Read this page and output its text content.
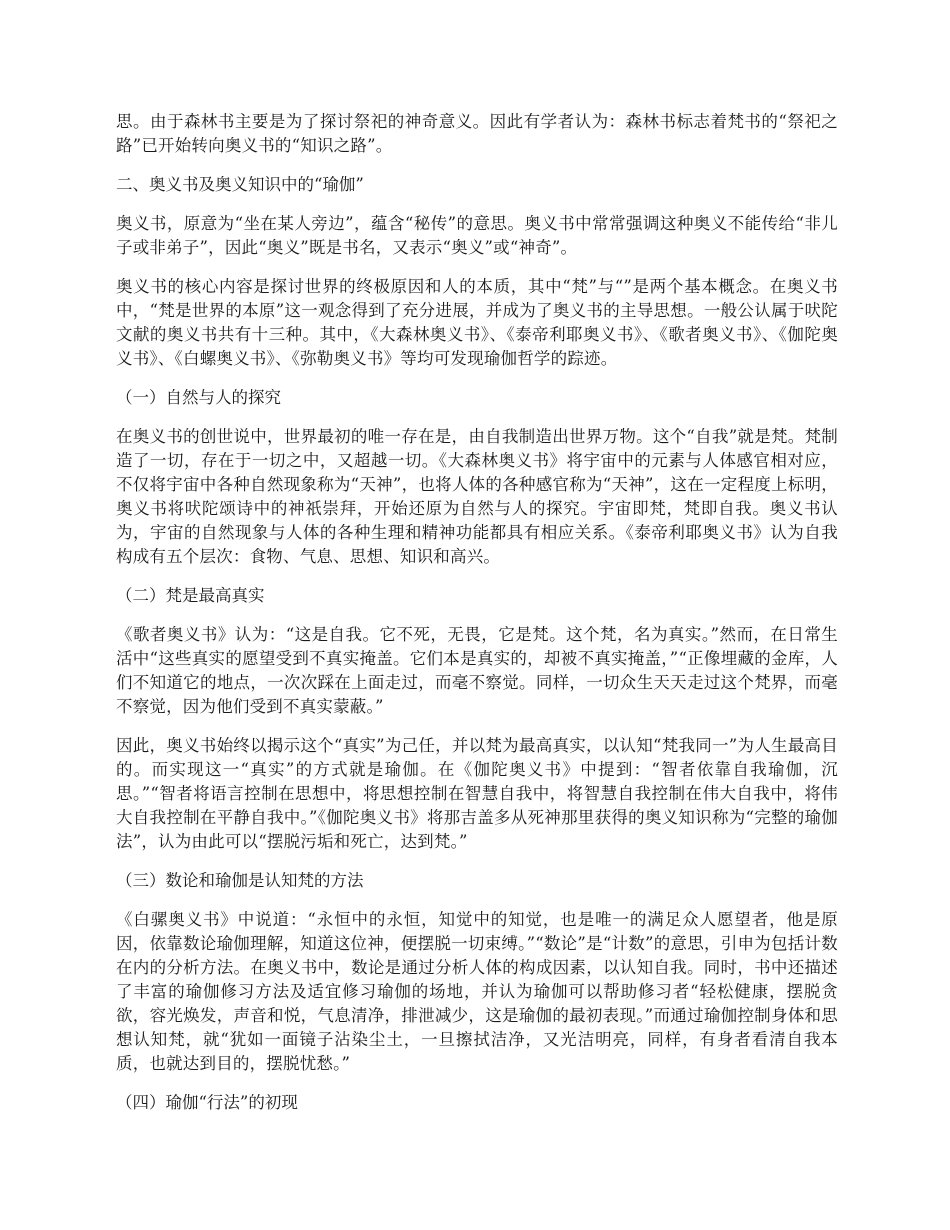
思。由于森林书主要是为了探讨祭祀的神奇意义。因此有学者认为：森林书标志着梵书的“祭祀之路”已开始转向奥义书的“知识之路”。

二、奥义书及奥义知识中的“瑜伽”

奥义书，原意为“坐在某人旁边”，蕴含“秘传”的意思。奥义书中常常强调这种奥义不能传给“非儿子或非弟子”，因此“奥义”既是书名，又表示“奥义”或“神奇”。

奥义书的核心内容是探讨世界的终极原因和人的本质，其中“梵”与“”是两个基本概念。在奥义书中，“梵是世界的本原”这一观念得到了充分进展，并成为了奥义书的主导思想。一般公认属于吠陀文献的奥义书共有十三种。其中，《大森林奥义书》、《泰帝利耶奥义书》、《歌者奥义书》、《伽陀奥义书》、《白螺奥义书》、《弥勒奥义书》等均可发现瑜伽哲学的踪迹。

（一）自然与人的探究

在奥义书的创世说中，世界最初的唯一存在是，由自我制造出世界万物。这个“自我”就是梵。梵制造了一切，存在于一切之中，又超越一切。《大森林奥义书》将宇宙中的元素与人体感官相对应，不仅将宇宙中各种自然现象称为“天神”，也将人体的各种感官称为“天神”，这在一定程度上标明，奥义书将吠陀颂诗中的神祇崇拜，开始还原为自然与人的探究。宇宙即梵，梵即自我。奥义书认为，宇宙的自然现象与人体的各种生理和精神功能都具有相应关系。《泰帝利耶奥义书》认为自我构成有五个层次：食物、气息、思想、知识和高兴。

（二）梵是最高真实

《歌者奥义书》认为：“这是自我。它不死，无畏，它是梵。这个梵，名为真实。”然而，在日常生活中“这些真实的愿望受到不真实掩盖。它们本是真实的，却被不真实掩盖，”“正像埋藏的金库，人们不知道它的地点，一次次踩在上面走过，而毫不察觉。同样，一切众生天天走过这个梵界，而毫不察觉，因为他们受到不真实蒙蔽。”

因此，奥义书始终以揭示这个“真实”为己任，并以梵为最高真实，以认知“梵我同一”为人生最高目的。而实现这一“真实”的方式就是瑜伽。在《伽陀奥义书》中提到：“智者依靠自我瑜伽，沉思。”“智者将语言控制在思想中，将思想控制在智慧自我中，将智慧自我控制在伟大自我中，将伟大自我控制在平静自我中。”《伽陀奥义书》将那吉盖多从死神那里获得的奥义知识称为“完整的瑜伽法”，认为由此可以“摆脱污垢和死亡，达到梵。”

（三）数论和瑜伽是认知梵的方法

《白骡奥义书》中说道：“永恒中的永恒，知觉中的知觉，也是唯一的满足众人愿望者，他是原因，依靠数论瑜伽理解，知道这位神，便摆脱一切束缚。”“数论”是“计数”的意思，引申为包括计数在内的分析方法。在奥义书中，数论是通过分析人体的构成因素，以认知自我。同时，书中还描述了丰富的瑜伽修习方法及适宜修习瑜伽的场地，并认为瑜伽可以帮助修习者“轻松健康，摆脱贪欲，容光焕发，声音和悦，气息清净，排泄减少，这是瑜伽的最初表现。”而通过瑜伽控制身体和思想认知梵，就“犹如一面镜子沾染尘土，一旦擦拭洁净，又光洁明亮，同样，有身者看清自我本质，也就达到目的，摆脱忧愁。”

（四）瑜伽“行法”的初现
